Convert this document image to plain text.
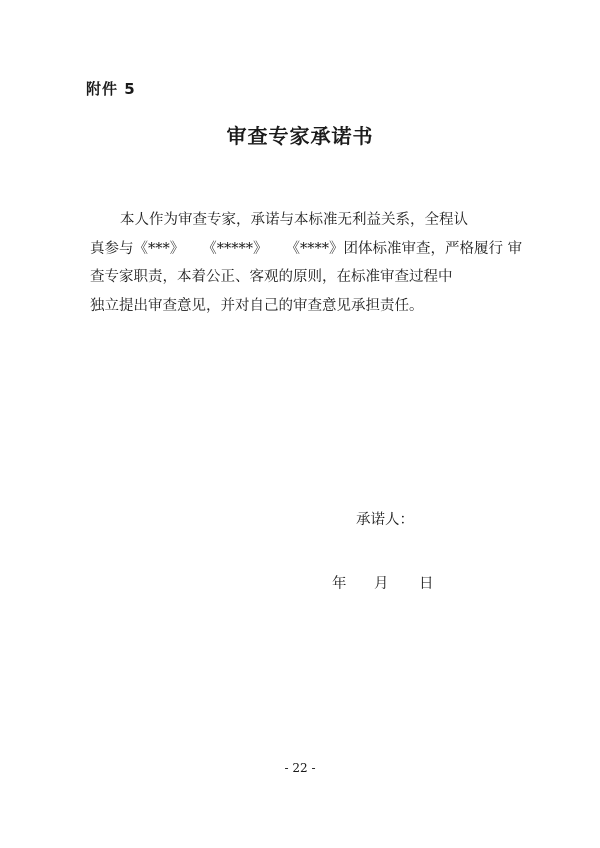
附件 5
审查专家承诺书
本人作为审查专家，承诺与本标准无利益关系，全程认
真参与《***》 《*****》 《****》团体标准审查，严格履行 审
查专家职责，本着公正、客观的原则，在标准审查过程中
独立提出审查意见，并对自己的审查意见承担责任。
承诺人：
年 月 日
- 22 -
